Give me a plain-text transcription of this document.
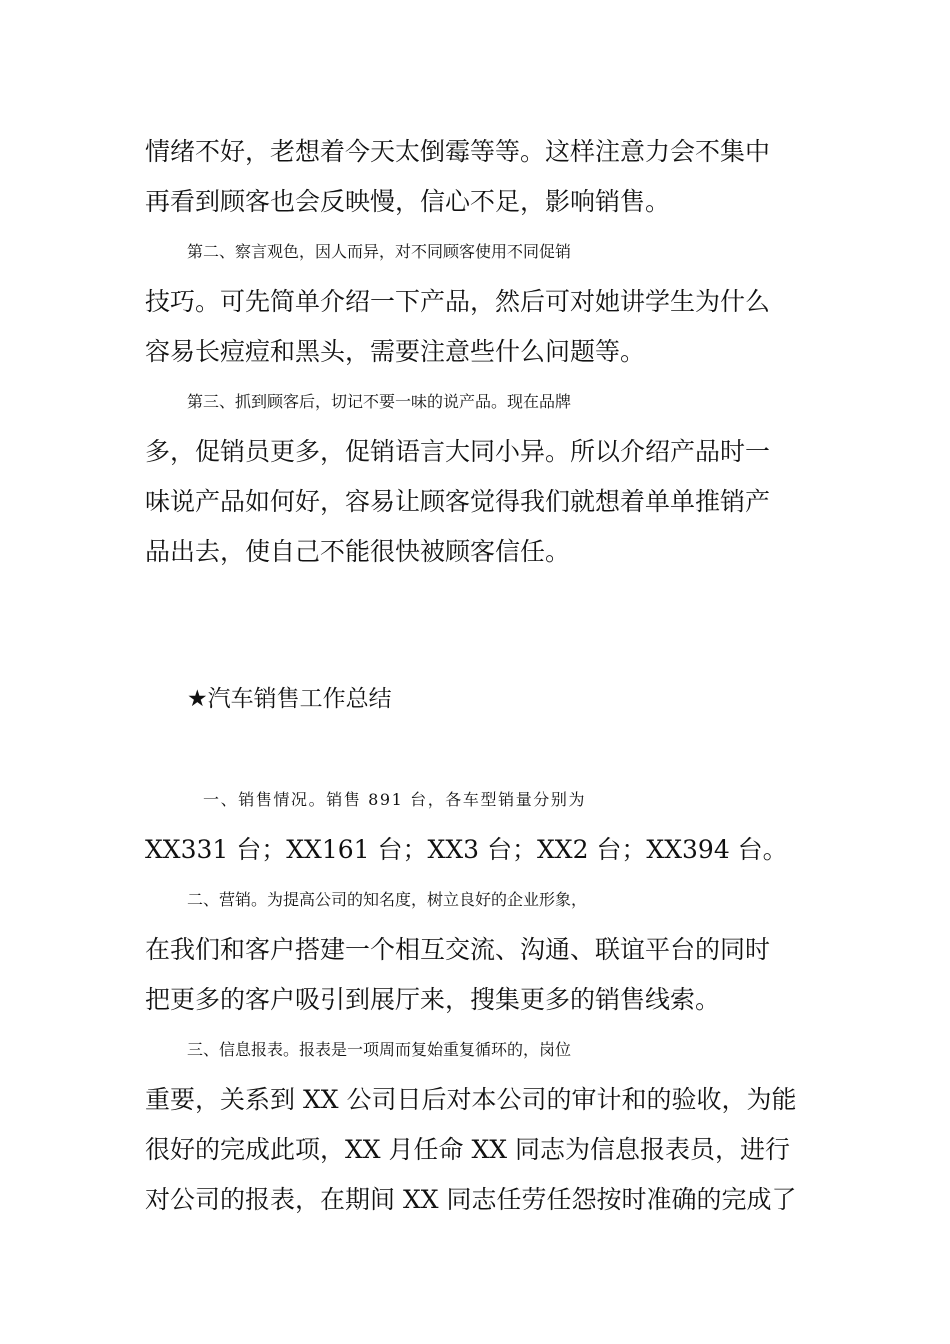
情绪不好，老想着今天太倒霉等等。这样注意力会不集中

再看到顾客也会反映慢，信心不足，影响销售。

第二、察言观色，因人而异，对不同顾客使用不同促销

技巧。可先简单介绍一下产品，然后可对她讲学生为什么

容易长痘痘和黑头，需要注意些什么问题等。

第三、抓到顾客后，切记不要一味的说产品。现在品牌

多，促销员更多，促销语言大同小异。所以介绍产品时一

味说产品如何好，容易让顾客觉得我们就想着单单推销产

品出去，使自己不能很快被顾客信任。

★汽车销售工作总结

一、销售情况。销售 891 台，各车型销量分别为

XX331 台；XX161 台；XX3 台；XX2 台；XX394 台。

二、营销。为提高公司的知名度，树立良好的企业形象，

在我们和客户搭建一个相互交流、沟通、联谊平台的同时

把更多的客户吸引到展厅来，搜集更多的销售线索。

三、信息报表。报表是一项周而复始重复循环的，岗位

重要，关系到 XX 公司日后对本公司的审计和的验收，为能

很好的完成此项，XX 月任命 XX 同志为信息报表员，进行

对公司的报表，在期间 XX 同志任劳任怨按时准确的完成了
